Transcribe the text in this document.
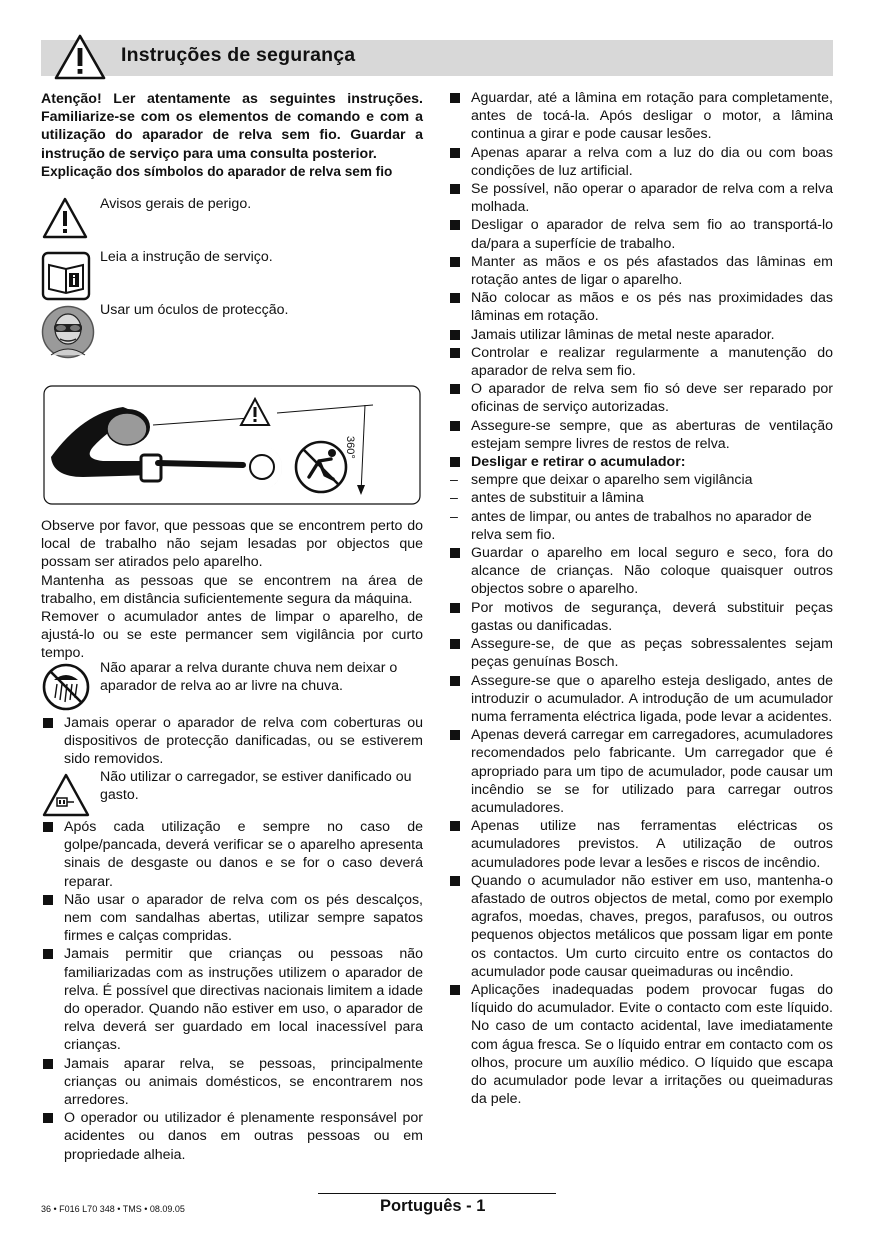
Instruções de segurança
Atenção! Ler atentamente as seguintes instruções. Familiarize-se com os elementos de comando e com a utilização do aparador de relva sem fio. Guardar a instrução de serviço para uma consulta posterior.
Explicação dos símbolos do aparador de relva sem fio
Avisos gerais de perigo.
Leia a instrução de serviço.
Usar um óculos de protecção.
360°
Observe por favor, que pessoas que se encontrem perto do local de trabalho não sejam lesadas por objectos que possam ser atirados pelo aparelho.
Mantenha as pessoas que se encontrem na área de trabalho, em distância suficientemente segura da máquina.
Remover o acumulador antes de limpar o aparelho, de ajustá-lo ou se este permancer sem vigilância por curto tempo.
Não aparar a relva durante chuva nem deixar o aparador de relva ao ar livre na chuva.
Jamais operar o aparador de relva com coberturas ou dispositivos de protecção danificadas, ou se estiverem sido removidos.
Não utilizar o carregador, se estiver danificado ou gasto.
Após cada utilização e sempre no caso de golpe/pancada, deverá verificar se o aparelho apresenta sinais de desgaste ou danos e se for o caso deverá reparar.
Não usar o aparador de relva com os pés descalços, nem com sandalhas abertas, utilizar sempre sapatos firmes e calças compridas.
Jamais permitir que crianças ou pessoas não familiarizadas com as instruções utilizem o aparador de relva. É possível que directivas nacionais limitem a idade do operador. Quando não estiver em uso, o aparador de relva deverá ser guardado em local inacessível para crianças.
Jamais aparar relva, se pessoas, principalmente crianças ou animais domésticos, se encontrarem nos arredores.
O operador ou utilizador é plenamente responsável por acidentes ou danos em outras pessoas ou em propriedade alheia.
Aguardar, até a lâmina em rotação para completamente, antes de tocá-la. Após desligar o motor, a lâmina continua a girar e pode causar lesões.
Apenas aparar a relva com a luz do dia ou com boas condições de luz artificial.
Se possível, não operar o aparador de relva com a relva molhada.
Desligar o aparador de relva sem fio ao transportá-lo da/para a superfície de trabalho.
Manter as mãos e os pés afastados das lâminas em rotação antes de ligar o aparelho.
Não colocar as mãos e os pés nas proximidades das lâminas em rotação.
Jamais utilizar lâminas de metal neste aparador.
Controlar e realizar regularmente a manutenção do aparador de relva sem fio.
O aparador de relva sem fio só deve ser reparado por oficinas de serviço autorizadas.
Assegure-se sempre, que as aberturas de ventilação estejam sempre livres de restos de relva.
Desligar e retirar o acumulador:
– sempre que deixar o aparelho sem vigilância
– antes de substituir a lâmina
– antes de limpar, ou antes de trabalhos no aparador de relva sem fio.
Guardar o aparelho em local seguro e seco, fora do alcance de crianças. Não coloque quaisquer outros objectos sobre o aparelho.
Por motivos de segurança, deverá substituir peças gastas ou danificadas.
Assegure-se, de que as peças sobressalentes sejam peças genuínas Bosch.
Assegure-se que o aparelho esteja desligado, antes de introduzir o acumulador. A introdução de um acumulador numa ferramenta eléctrica ligada, pode levar a acidentes.
Apenas deverá carregar em carregadores, acumuladores recomendados pelo fabricante. Um carregador que é apropriado para um tipo de acumulador, pode causar um incêndio se se for utilizado para carregar outros acumuladores.
Apenas utilize nas ferramentas eléctricas os acumuladores previstos. A utilização de outros acumuladores pode levar a lesões e riscos de incêndio.
Quando o acumulador não estiver em uso, mantenha-o afastado de outros objectos de metal, como por exemplo agrafos, moedas, chaves, pregos, parafusos, ou outros pequenos objectos metálicos que possam ligar em ponte os contactos. Um curto circuito entre os contactos do acumulador pode causar queimaduras ou incêndio.
Aplicações inadequadas podem provocar fugas do líquido do acumulador. Evite o contacto com este líquido. No caso de um contacto acidental, lave imediatamente com água fresca. Se o líquido entrar em contacto com os olhos, procure um auxílio médico. O líquido que escapa do acumulador pode levar a irritações ou queimaduras da pele.
36 • F016 L70 348 • TMS • 08.09.05	Português - 1
